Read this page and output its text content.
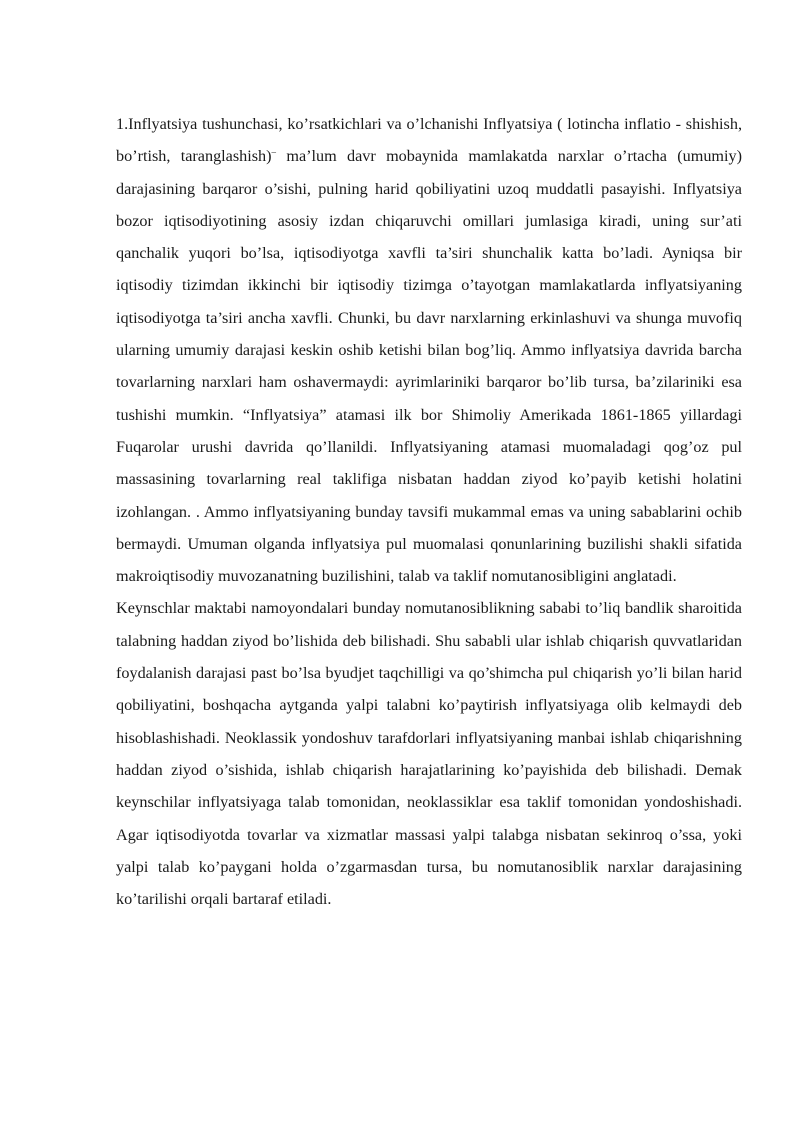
1.Inflyatsiya tushunchasi, ko’rsatkichlari va o’lchanishi Inflyatsiya ( lotincha inflatio - shishish, bo’rtish, taranglashish)– ma’lum davr mobaynida mamlakatda narxlar o’rtacha (umumiy) darajasining barqaror o’sishi, pulning harid qobiliyatini uzoq muddatli pasayishi. Inflyatsiya bozor iqtisodiyotining asosiy izdan chiqaruvchi omillari jumlasiga kiradi, uning sur’ati qanchalik yuqori bo’lsa, iqtisodiyotga xavfli ta’siri shunchalik katta bo’ladi. Ayniqsa bir iqtisodiy tizimdan ikkinchi bir iqtisodiy tizimga o’tayotgan mamlakatlarda inflyatsiyaning iqtisodiyotga ta’siri ancha xavfli. Chunki, bu davr narxlarning erkinlashuvi va shunga muvofiq ularning umumiy darajasi keskin oshib ketishi bilan bog’liq. Ammo inflyatsiya davrida barcha tovarlarning narxlari ham oshavermaydi: ayrimlariniki barqaror bo’lib tursa, ba’zilariniki esa tushishi mumkin. “Inflyatsiya” atamasi ilk bor Shimoliy Amerikada 1861-1865 yillardagi Fuqarolar urushi davrida qo’llanildi. Inflyatsiyaning atamasi muomaladagi qog’oz pul massasining tovarlarning real taklifiga nisbatan haddan ziyod ko’payib ketishi holatini izohlangan. . Ammo inflyatsiyaning bunday tavsifi mukammal emas va uning sabablarini ochib bermaydi. Umuman olganda inflyatsiya pul muomalasi qonunlarining buzilishi shakli sifatida makroiqtisodiy muvozanatning buzilishini, talab va taklif nomutanosibligini anglatadi.

Keynschlar maktabi namoyondalari bunday nomutanosiblikning sababi to’liq bandlik sharoitida talabning haddan ziyod bo’lishida deb bilishadi. Shu sababli ular ishlab chiqarish quvvatlaridan foydalanish darajasi past bo’lsa byudjet taqchilligi va qo’shimcha pul chiqarish yo’li bilan harid qobiliyatini, boshqacha aytganda yalpi talabni ko’paytirish inflyatsiyaga olib kelmaydi deb hisoblashishadi. Neoklassik yondoshuv tarafdorlari inflyatsiyaning manbai ishlab chiqarishning haddan ziyod o’sishida, ishlab chiqarish harajatlarining ko’payishida deb bilishadi. Demak keynschilar inflyatsiyaga talab tomonidan, neoklassiklar esa taklif tomonidan yondoshishadi. Agar iqtisodiyotda tovarlar va xizmatlar massasi yalpi talabga nisbatan sekinroq o’ssa, yoki yalpi talab ko’paygani holda o’zgarmasdan tursa, bu nomutanosiblik narxlar darajasining ko’tarilishi orqali bartaraf etiladi.
